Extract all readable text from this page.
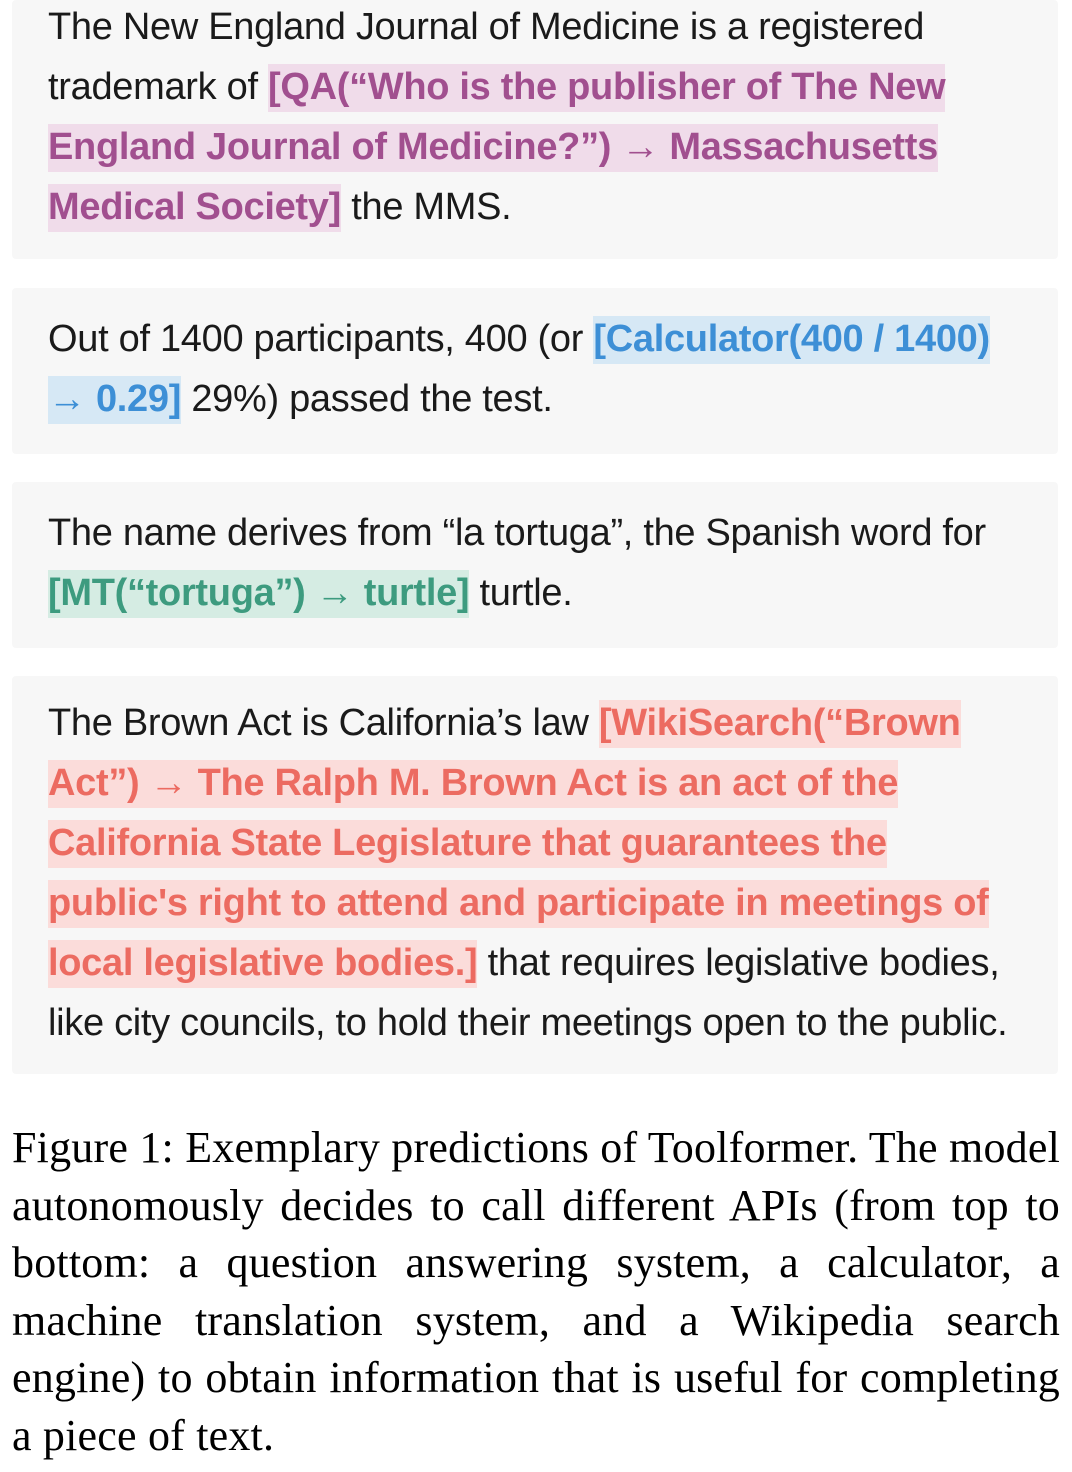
The New England Journal of Medicine is a registered trademark of [QA(“Who is the publisher of The New England Journal of Medicine?”) → Massachusetts Medical Society] the MMS.
Out of 1400 participants, 400 (or [Calculator(400 / 1400) → 0.29] 29%) passed the test.
The name derives from “la tortuga”, the Spanish word for [MT(“tortuga”) → turtle] turtle.
The Brown Act is California’s law [WikiSearch(“Brown Act”) → The Ralph M. Brown Act is an act of the California State Legislature that guarantees the public's right to attend and participate in meetings of local legislative bodies.] that requires legislative bodies, like city councils, to hold their meetings open to the public.
Figure 1: Exemplary predictions of Toolformer. The model autonomously decides to call different APIs (from top to bottom: a question answering system, a calculator, a machine translation system, and a Wikipedia search engine) to obtain information that is useful for completing a piece of text.
